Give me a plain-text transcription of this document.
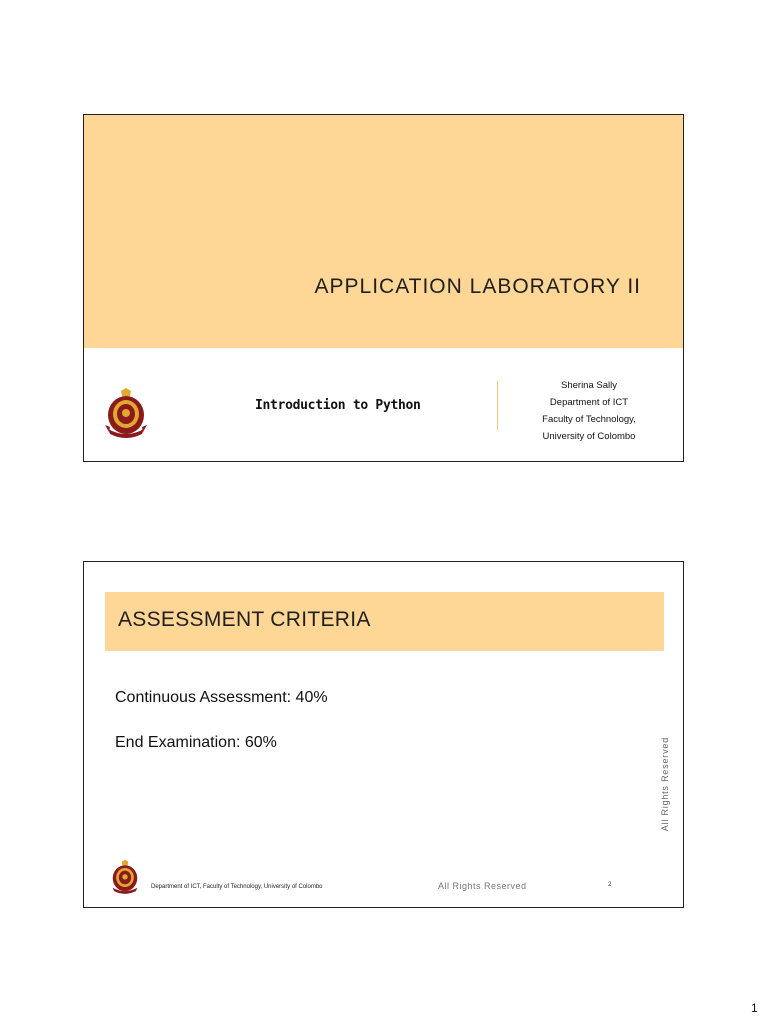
APPLICATION LABORATORY II
Introduction to Python
Sherina Sally
Department of ICT
Faculty of Technology,
University of Colombo
ASSESSMENT CRITERIA
Continuous Assessment: 40%
End Examination: 60%	All Rights Reserved
Department of ICT, Faculty of Technology, University of Colombo	All Rights Reserved	2
1
